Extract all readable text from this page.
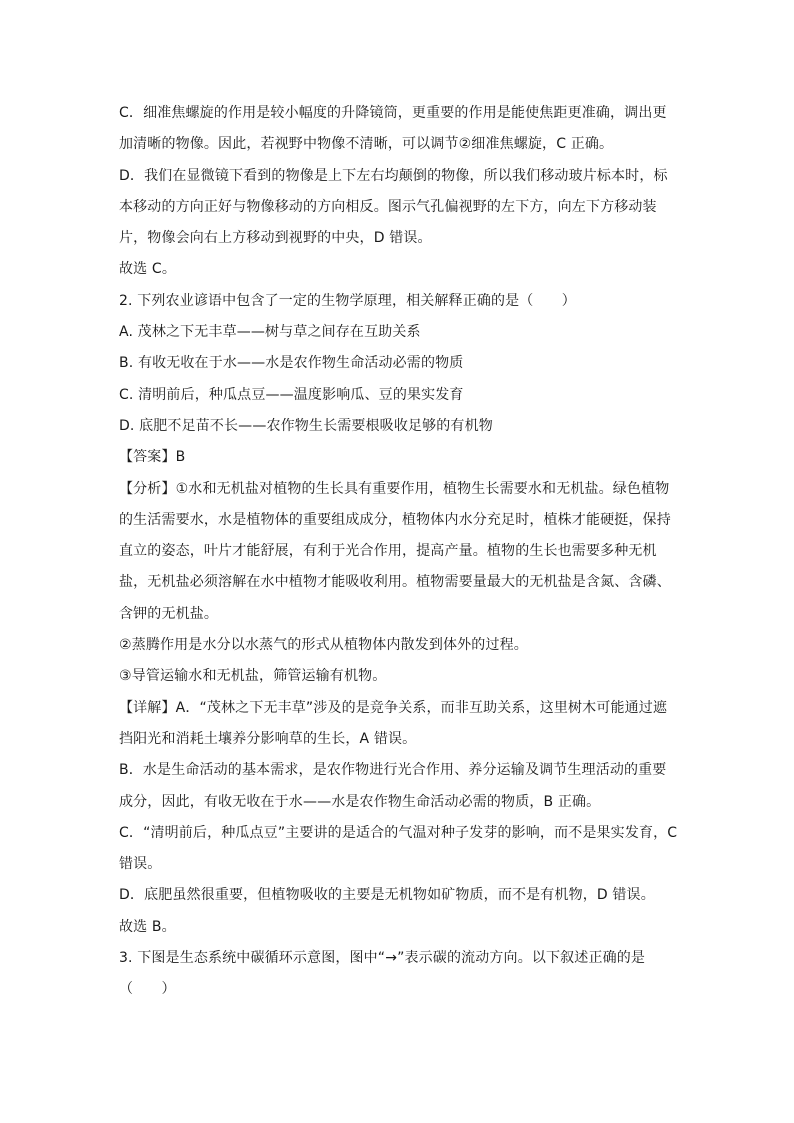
C．细准焦螺旋的作用是较小幅度的升降镜筒，更重要的作用是能使焦距更准确，调出更
加清晰的物像。因此，若视野中物像不清晰，可以调节②细准焦螺旋，C 正确。
D．我们在显微镜下看到的物像是上下左右均颠倒的物像，所以我们移动玻片标本时，标
本移动的方向正好与物像移动的方向相反。图示气孔偏视野的左下方，向左下方移动装
片，物像会向右上方移动到视野的中央，D 错误。
故选 C。
2. 下列农业谚语中包含了一定的生物学原理，相关解释正确的是（　　）
A. 茂林之下无丰草——树与草之间存在互助关系
B. 有收无收在于水——水是农作物生命活动必需的物质
C. 清明前后，种瓜点豆——温度影响瓜、豆的果实发育
D. 底肥不足苗不长——农作物生长需要根吸收足够的有机物
【答案】B
【分析】①水和无机盐对植物的生长具有重要作用，植物生长需要水和无机盐。绿色植物
的生活需要水，水是植物体的重要组成成分，植物体内水分充足时，植株才能硬挺，保持
直立的姿态，叶片才能舒展，有利于光合作用，提高产量。植物的生长也需要多种无机
盐，无机盐必须溶解在水中植物才能吸收利用。植物需要量最大的无机盐是含氮、含磷、
含钾的无机盐。
②蒸腾作用是水分以水蒸气的形式从植物体内散发到体外的过程。
③导管运输水和无机盐，筛管运输有机物。
【详解】A．“茂林之下无丰草”涉及的是竞争关系，而非互助关系，这里树木可能通过遮
挡阳光和消耗土壤养分影响草的生长，A 错误。
B．水是生命活动的基本需求，是农作物进行光合作用、养分运输及调节生理活动的重要
成分，因此，有收无收在于水——水是农作物生命活动必需的物质，B 正确。
C．“清明前后，种瓜点豆”主要讲的是适合的气温对种子发芽的影响，而不是果实发育，C
错误。
D．底肥虽然很重要，但植物吸收的主要是无机物如矿物质，而不是有机物，D 错误。
故选 B。
3. 下图是生态系统中碳循环示意图，图中“→”表示碳的流动方向。以下叙述正确的是
（　　）
